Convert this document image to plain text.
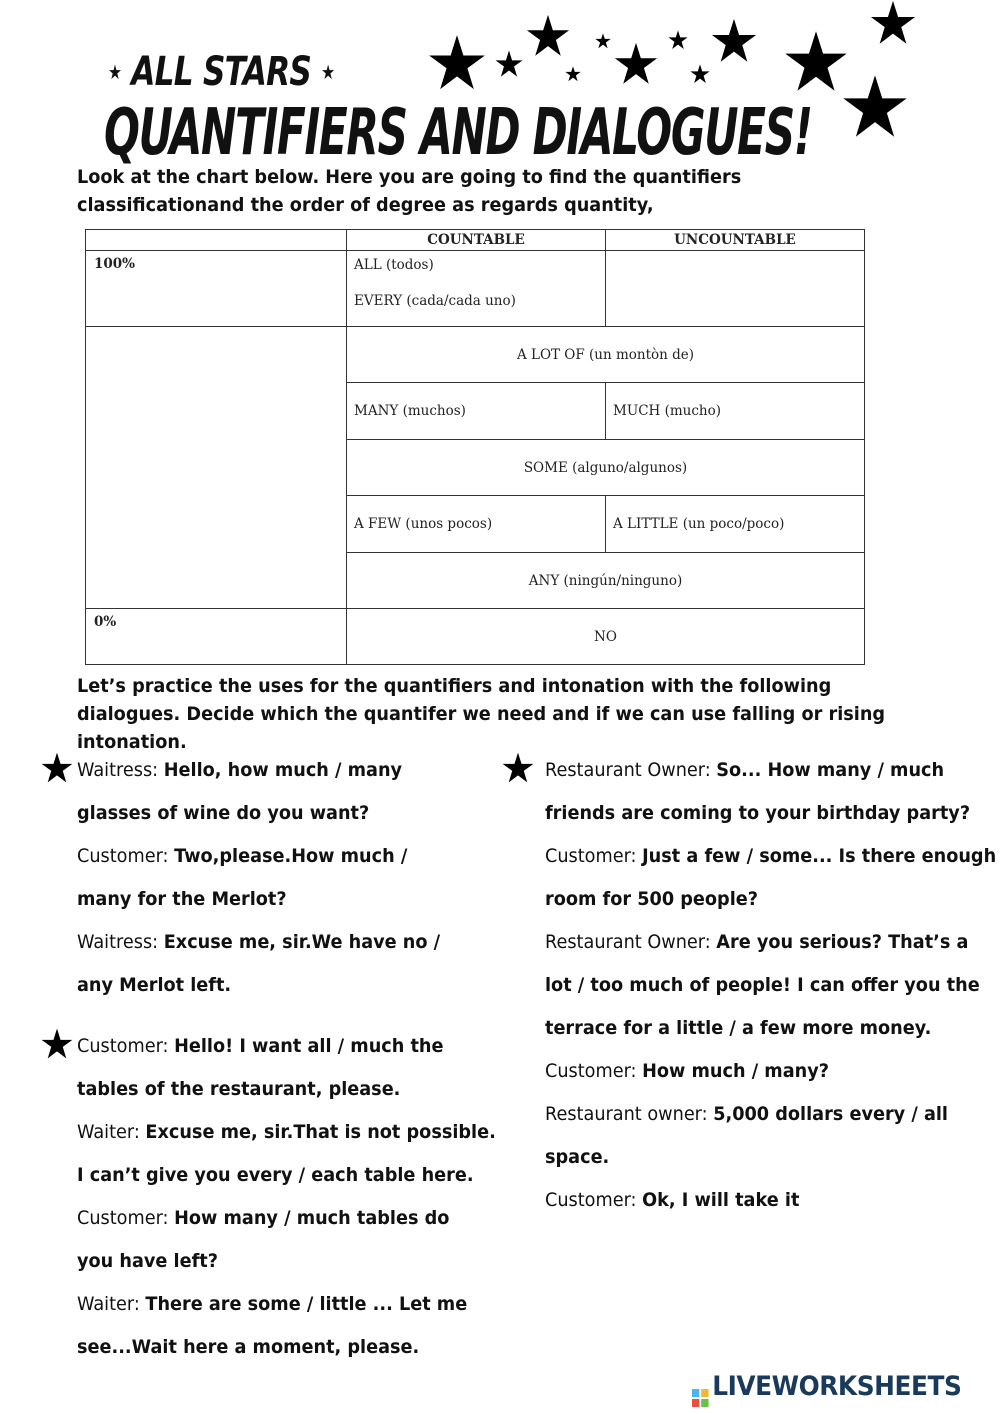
★ ALL STARS ★
QUANTIFIERS AND DIALOGUES!
Look at the chart below. Here you are going to find the quantifiers classificationand the order of degree as regards quantity,
	COUNTABLE	UNCOUNTABLE
100%	ALL (todos)
EVERY (cada/cada uno)	

	A LOT OF (un montòn de)	
	MANY (muchos)	MUCH (mucho)
	SOME (alguno/algunos)	
	A FEW (unos pocos)	A LITTLE (un poco/poco)
	ANY (ningún/ninguno)	
0%	NO	
Let’s practice the uses for the quantifiers and intonation with the following dialogues. Decide which the quantifer we need and if we can use falling or rising intonation.

Waitress: Hello, how much / many

glasses of wine do you want?

Customer: Two,please.How much /

many for the Merlot?

Waitress: Excuse me, sir.We have no /

any Merlot left.

Customer: Hello! I want all / much the

tables of the restaurant, please.

Waiter: Excuse me, sir.That is not possible.

I can’t give you every / each table here.

Customer: How many / much tables do

you have left?

Waiter: There are some / little ... Let me

see...Wait here a moment, please.

Restaurant Owner: So... How many / much

friends are coming to your birthday party?

Customer: Just a few / some... Is there enough

room for 500 people?

Restaurant Owner: Are you serious? That’s a

lot / too much of people! I can offer you the

terrace for a little / a few more money.

Customer: How much / many?

Restaurant owner: 5,000 dollars every / all

space.

Customer: Ok, I will take it

LIVEWORKSHEETS
